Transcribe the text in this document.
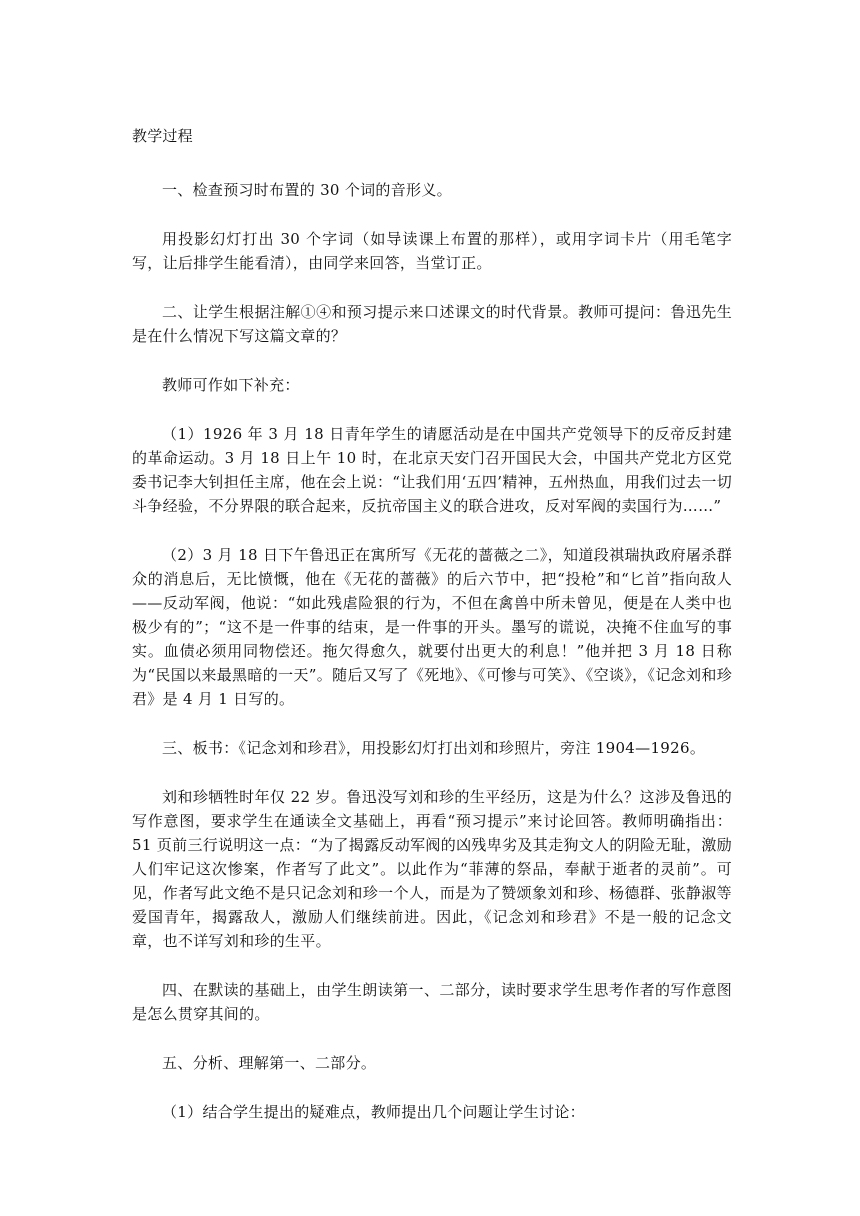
教学过程

一、检查预习时布置的 30 个词的音形义。

用投影幻灯打出 30 个字词（如导读课上布置的那样），或用字词卡片（用毛笔字写，让后排学生能看清），由同学来回答，当堂订正。

二、让学生根据注解①④和预习提示来口述课文的时代背景。教师可提问：鲁迅先生是在什么情况下写这篇文章的？

教师可作如下补充：

（1）1926 年 3 月 18 日青年学生的请愿活动是在中国共产党领导下的反帝反封建的革命运动。3 月 18 日上午 10 时，在北京天安门召开国民大会，中国共产党北方区党委书记李大钊担任主席，他在会上说：“让我们用‘五四’精神，五州热血，用我们过去一切斗争经验，不分界限的联合起来，反抗帝国主义的联合进攻，反对军阀的卖国行为……”

（2）3 月 18 日下午鲁迅正在寓所写《无花的蔷薇之二》，知道段祺瑞执政府屠杀群众的消息后，无比愤慨，他在《无花的蔷薇》的后六节中，把“投枪”和“匕首”指向敌人——反动军阀，他说：“如此残虐险狠的行为，不但在禽兽中所未曾见，便是在人类中也极少有的”；“这不是一件事的结束，是一件事的开头。墨写的谎说，决掩不住血写的事实。血债必须用同物偿还。拖欠得愈久，就要付出更大的利息！”他并把 3 月 18 日称为“民国以来最黑暗的一天”。随后又写了《死地》、《可惨与可笑》、《空谈》，《记念刘和珍君》是 4 月 1 日写的。

三、板书：《记念刘和珍君》，用投影幻灯打出刘和珍照片，旁注 1904—1926。

刘和珍牺牲时年仅 22 岁。鲁迅没写刘和珍的生平经历，这是为什么？这涉及鲁迅的写作意图，要求学生在通读全文基础上，再看“预习提示”来讨论回答。教师明确指出：51 页前三行说明这一点：“为了揭露反动军阀的凶残卑劣及其走狗文人的阴险无耻，激励人们牢记这次惨案，作者写了此文”。以此作为“菲薄的祭品，奉献于逝者的灵前”。可见，作者写此文绝不是只记念刘和珍一个人，而是为了赞颂象刘和珍、杨德群、张静淑等爱国青年，揭露敌人，激励人们继续前进。因此，《记念刘和珍君》不是一般的记念文章，也不详写刘和珍的生平。

四、在默读的基础上，由学生朗读第一、二部分，读时要求学生思考作者的写作意图是怎么贯穿其间的。

五、分析、理解第一、二部分。

（1）结合学生提出的疑难点，教师提出几个问题让学生讨论：
